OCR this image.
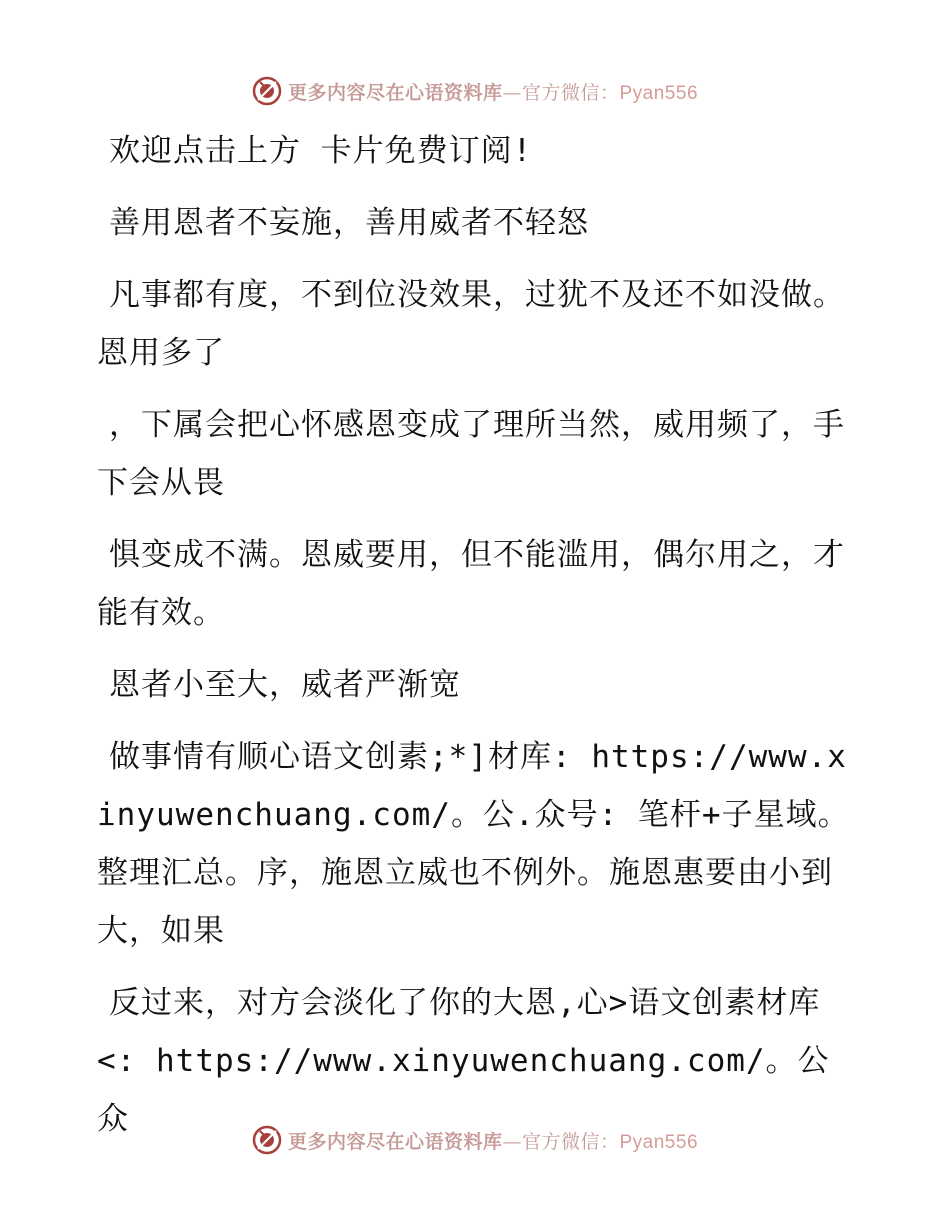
更多内容尽在心语资料库—官方微信：Pyan556

欢迎点击上方 卡片免费订阅!

善用恩者不妄施，善用威者不轻怒

凡事都有度，不到位没效果，过犹不及还不如没做。恩用多了

，下属会把心怀感恩变成了理所当然，威用频了，手下会从畏

惧变成不满。恩威要用，但不能滥用，偶尔用之，才能有效。

恩者小至大，威者严渐宽

做事情有顺心语文创素;*]材库: https://www.xinyuwenchuang.com/。公.众号: 笔杆+子星域。整理汇总。序，施恩立威也不例外。施恩惠要由小到大，如果

反过来，对方会淡化了你的大恩,心>语文创素材库<: https://www.xinyuwenchuang.com/。公众

更多内容尽在心语资料库—官方微信：Pyan556
